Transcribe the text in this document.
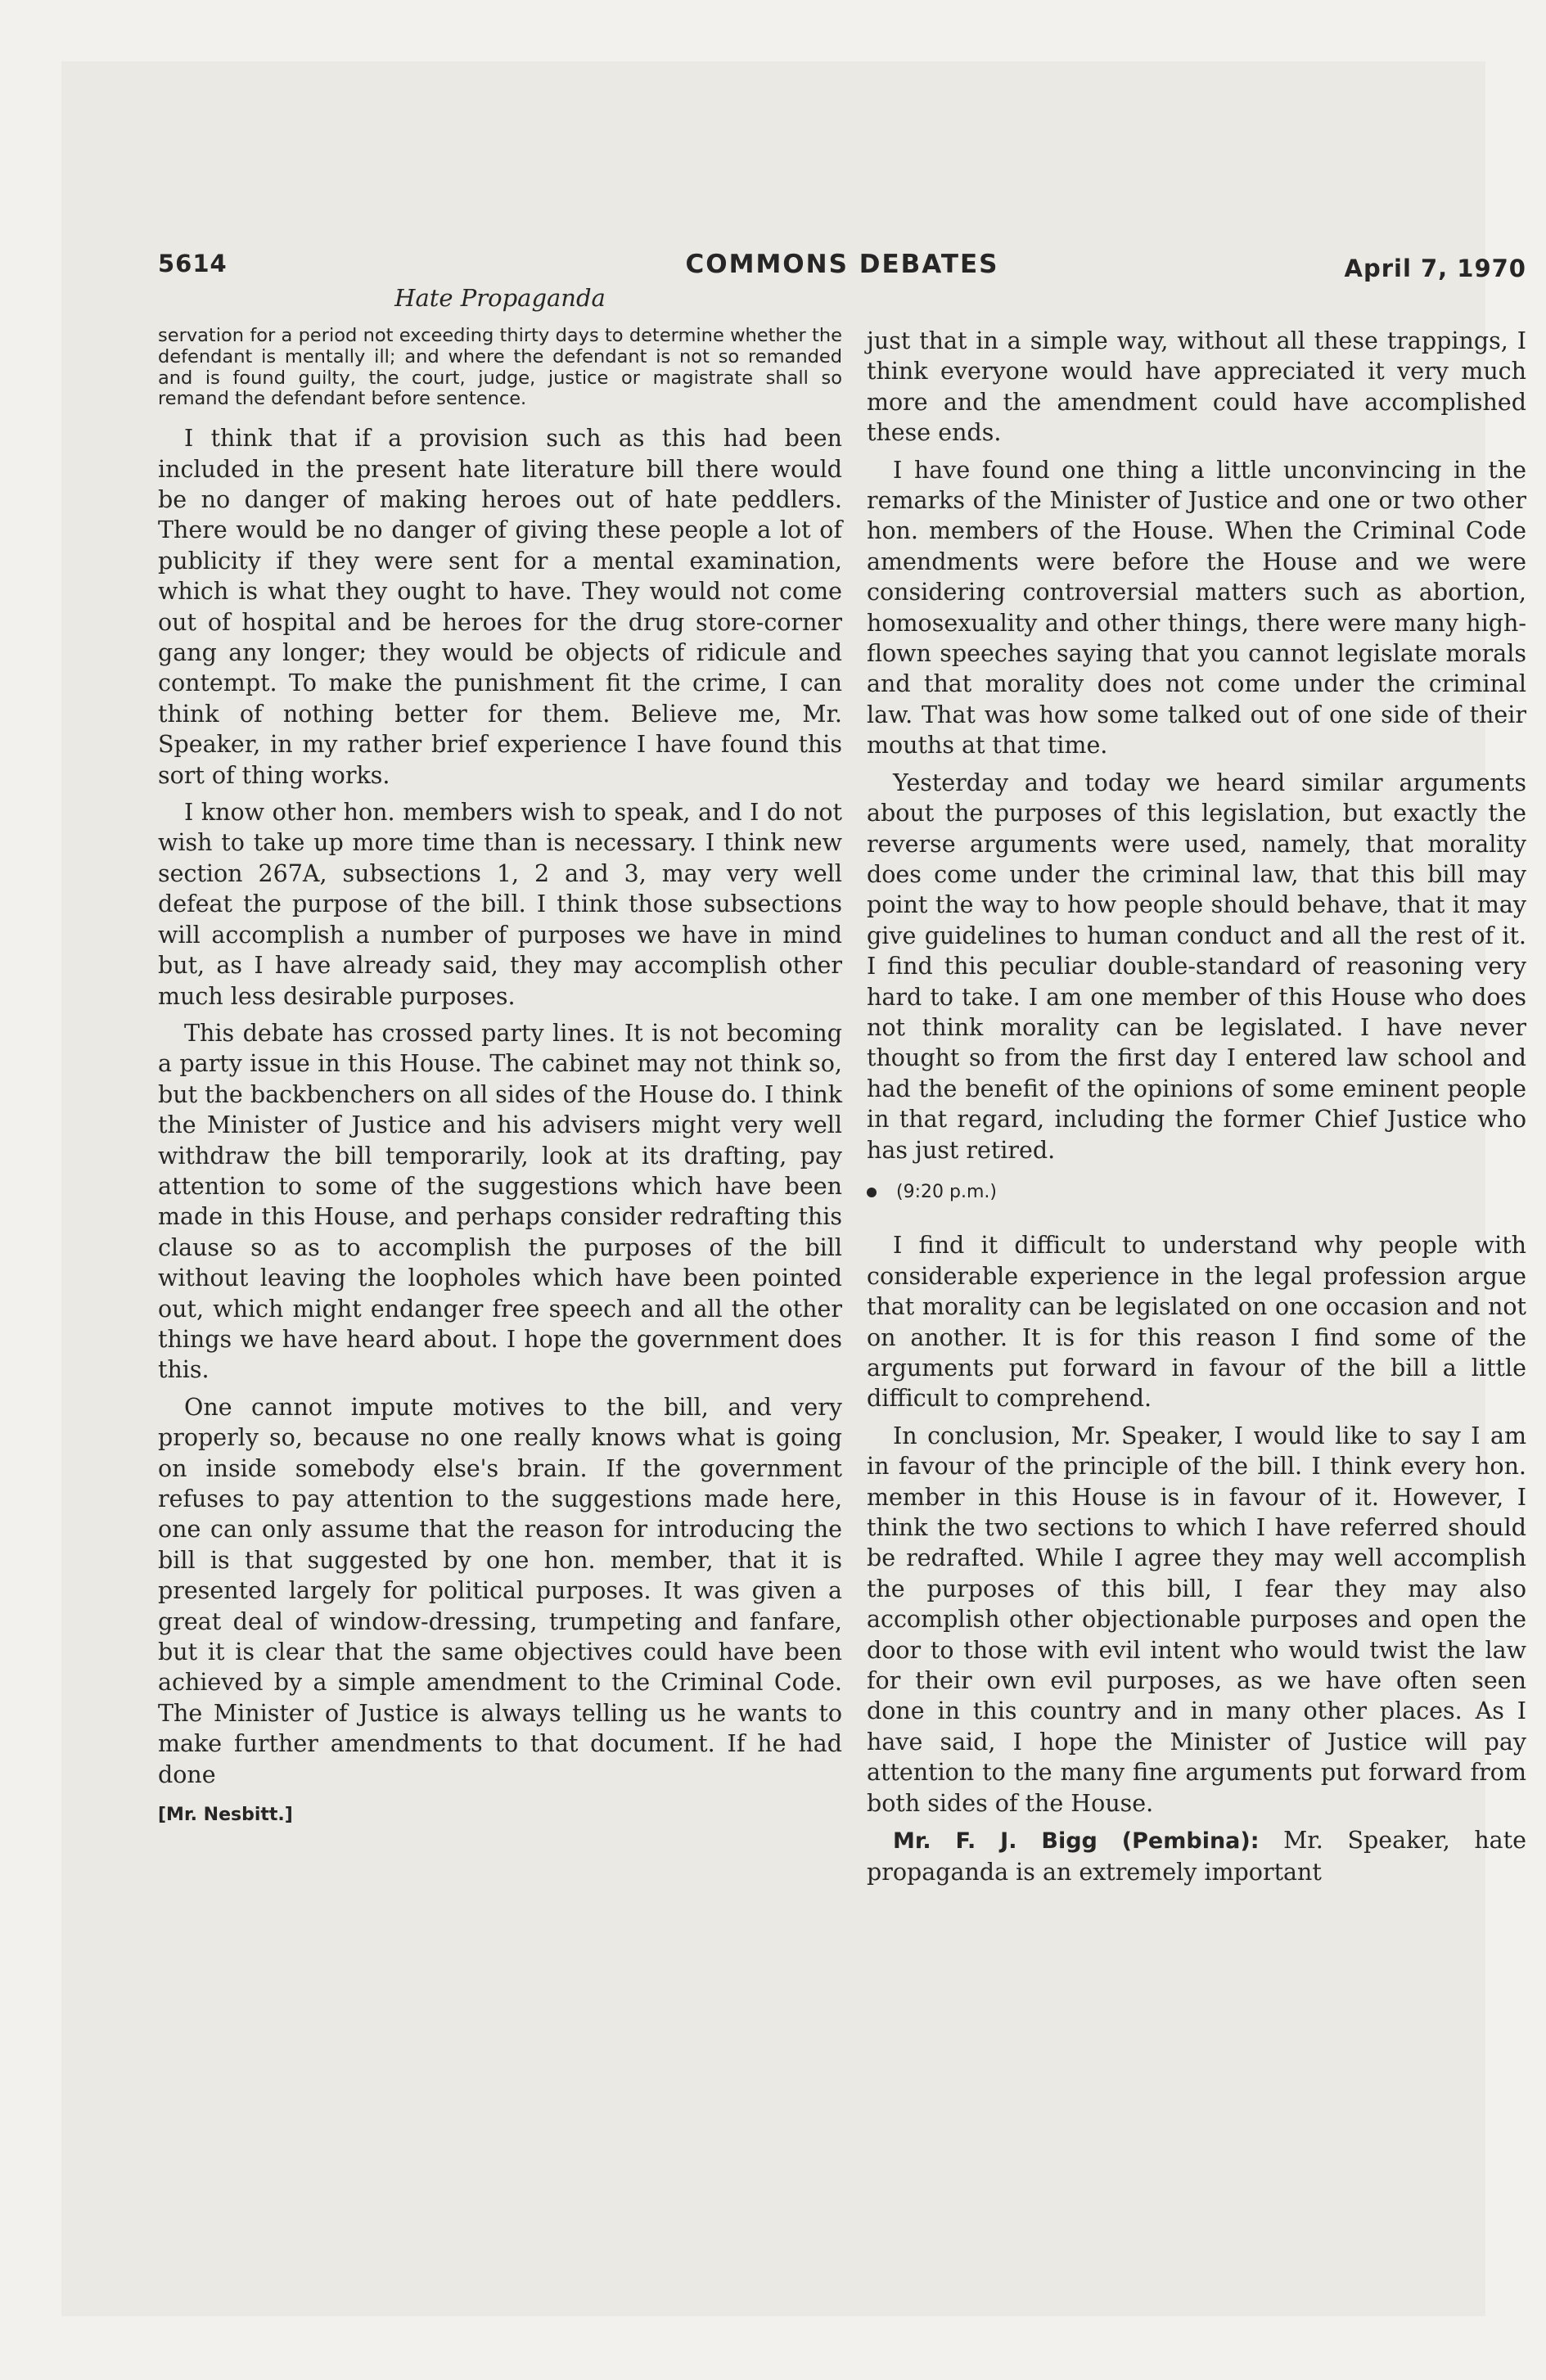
5614	COMMONS DEBATES	April 7, 1970
Hate Propaganda

servation for a period not exceeding thirty days to determine whether the defendant is mentally ill; and where the defendant is not so remanded and is found guilty, the court, judge, justice or magistrate shall so remand the defendant before sentence.

I think that if a provision such as this had been included in the present hate literature bill there would be no danger of making heroes out of hate peddlers. There would be no danger of giving these people a lot of publicity if they were sent for a mental examination, which is what they ought to have. They would not come out of hospital and be heroes for the drug store-corner gang any longer; they would be objects of ridicule and contempt. To make the punishment fit the crime, I can think of nothing better for them. Believe me, Mr. Speaker, in my rather brief experience I have found this sort of thing works.

I know other hon. members wish to speak, and I do not wish to take up more time than is necessary. I think new section 267A, subsections 1, 2 and 3, may very well defeat the purpose of the bill. I think those subsections will accomplish a number of purposes we have in mind but, as I have already said, they may accomplish other much less desirable purposes.

This debate has crossed party lines. It is not becoming a party issue in this House. The cabinet may not think so, but the backbenchers on all sides of the House do. I think the Minister of Justice and his advisers might very well withdraw the bill temporarily, look at its drafting, pay attention to some of the suggestions which have been made in this House, and perhaps consider redrafting this clause so as to accomplish the purposes of the bill without leaving the loopholes which have been pointed out, which might endanger free speech and all the other things we have heard about. I hope the government does this.

One cannot impute motives to the bill, and very properly so, because no one really knows what is going on inside somebody else's brain. If the government refuses to pay attention to the suggestions made here, one can only assume that the reason for introducing the bill is that suggested by one hon. member, that it is presented largely for political purposes. It was given a great deal of window-dressing, trumpeting and fanfare, but it is clear that the same objectives could have been achieved by a simple amendment to the Criminal Code. The Minister of Justice is always telling us he wants to make further amendments to that document. If he had done

[Mr. Nesbitt.]

just that in a simple way, without all these trappings, I think everyone would have appreciated it very much more and the amendment could have accomplished these ends.

I have found one thing a little unconvincing in the remarks of the Minister of Justice and one or two other hon. members of the House. When the Criminal Code amendments were before the House and we were considering controversial matters such as abortion, homosexuality and other things, there were many high-flown speeches saying that you cannot legislate morals and that morality does not come under the criminal law. That was how some talked out of one side of their mouths at that time.

Yesterday and today we heard similar arguments about the purposes of this legislation, but exactly the reverse arguments were used, namely, that morality does come under the criminal law, that this bill may point the way to how people should behave, that it may give guidelines to human conduct and all the rest of it. I find this peculiar double-standard of reasoning very hard to take. I am one member of this House who does not think morality can be legislated. I have never thought so from the first day I entered law school and had the benefit of the opinions of some eminent people in that regard, including the former Chief Justice who has just retired.

(9:20 p.m.)

I find it difficult to understand why people with considerable experience in the legal profession argue that morality can be legislated on one occasion and not on another. It is for this reason I find some of the arguments put forward in favour of the bill a little difficult to comprehend.

In conclusion, Mr. Speaker, I would like to say I am in favour of the principle of the bill. I think every hon. member in this House is in favour of it. However, I think the two sections to which I have referred should be redrafted. While I agree they may well accomplish the purposes of this bill, I fear they may also accomplish other objectionable purposes and open the door to those with evil intent who would twist the law for their own evil purposes, as we have often seen done in this country and in many other places. As I have said, I hope the Minister of Justice will pay attention to the many fine arguments put forward from both sides of the House.

Mr. F. J. Bigg (Pembina): Mr. Speaker, hate propaganda is an extremely important
